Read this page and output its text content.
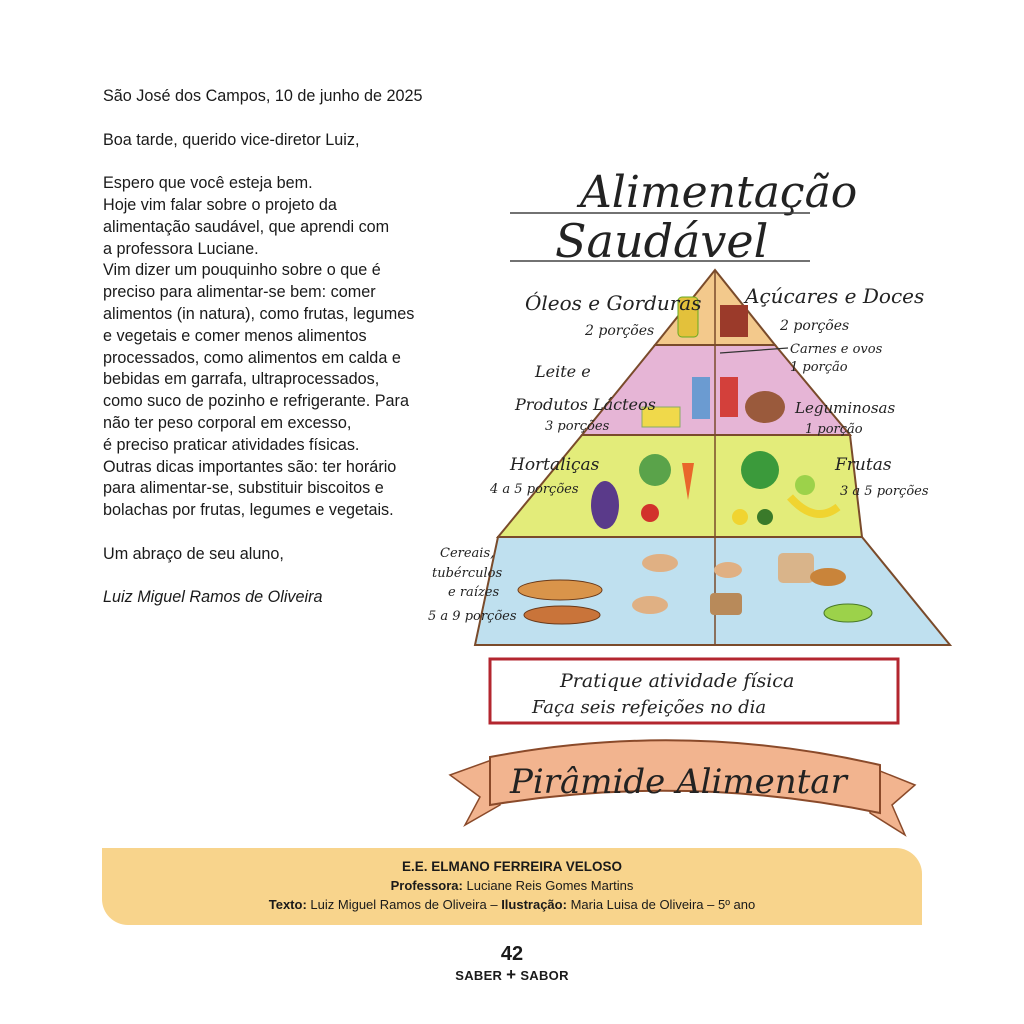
São José dos Campos, 10 de junho de 2025

Boa tarde, querido vice-diretor Luiz,

Espero que você esteja bem.

Hoje vim falar sobre o projeto da

alimentação saudável, que aprendi com

a professora Luciane.

Vim dizer um pouquinho sobre o que é

preciso para alimentar-se bem: comer

alimentos (in natura), como frutas, legumes

e vegetais e comer menos alimentos

processados, como alimentos em calda e

bebidas em garrafa, ultraprocessados,

como suco de pozinho e refrigerante. Para

não ter peso corporal em excesso,

é preciso praticar atividades físicas.

Outras dicas importantes são: ter horário

para alimentar-se, substituir biscoitos e

bolachas por frutas, legumes e vegetais.

Um abraço de seu aluno,

Luiz Miguel Ramos de Oliveira

Alimentação
Saudável
Óleos e Gorduras
2 porções
Açúcares e Doces
2 porções
Carnes e ovos
1 porção
Leite e
Produtos Lácteos
3 porções
Leguminosas
1 porção
Hortaliças
4 a 5 porções
Frutas
3 a 5 porções
Cereais,
tubérculos
e raízes
5 a 9 porções
Pratique atividade física
Faça seis refeições no dia
Pirâmide Alimentar
E.E. ELMANO FERREIRA VELOSO
Professora: Luciane Reis Gomes Martins
Texto: Luiz Miguel Ramos de Oliveira – Ilustração: Maria Luisa de Oliveira – 5º ano
42
SABER + SABOR
